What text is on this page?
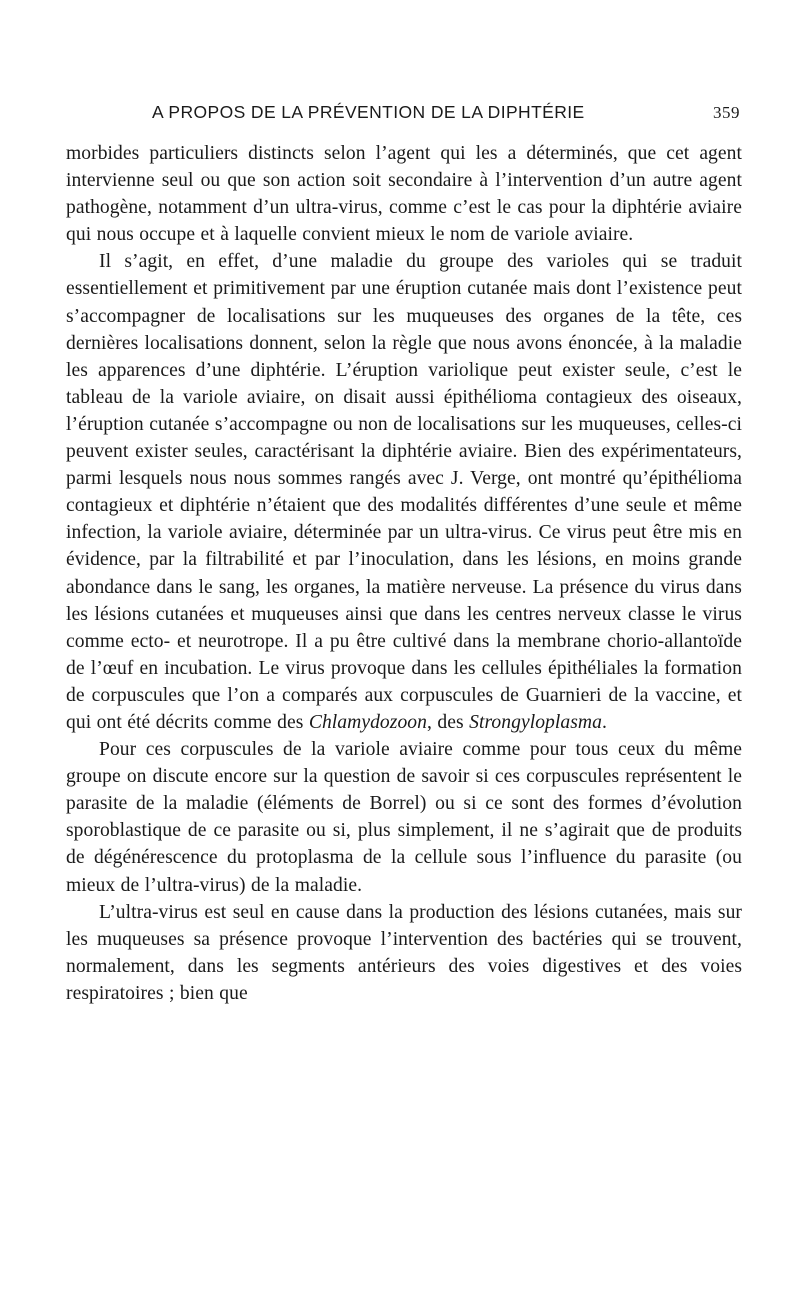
A PROPOS DE LA PRÉVENTION DE LA DIPHTÉRIE	359

morbides particuliers distincts selon l’agent qui les a déterminés, que cet agent intervienne seul ou que son action soit secondaire à l’intervention d’un autre agent pathogène, notamment d’un ultra-virus, comme c’est le cas pour la diphtérie aviaire qui nous occupe et à laquelle convient mieux le nom de variole aviaire.

Il s’agit, en effet, d’une maladie du groupe des varioles qui se traduit essentiellement et primitivement par une éruption cutanée mais dont l’existence peut s’accompagner de localisations sur les muqueuses des organes de la tête, ces dernières localisations donnent, selon la règle que nous avons énoncée, à la maladie les apparences d’une diphtérie. L’éruption variolique peut exister seule, c’est le tableau de la variole aviaire, on disait aussi épithélioma contagieux des oiseaux, l’éruption cutanée s’accompagne ou non de localisations sur les muqueuses, celles-ci peuvent exister seules, caractérisant la diphtérie aviaire. Bien des expérimentateurs, parmi lesquels nous nous sommes rangés avec J. Verge, ont montré qu’épithélioma contagieux et diphtérie n’étaient que des modalités différentes d’une seule et même infection, la variole aviaire, déterminée par un ultra-virus. Ce virus peut être mis en évidence, par la filtrabilité et par l’inoculation, dans les lésions, en moins grande abondance dans le sang, les organes, la matière nerveuse. La présence du virus dans les lésions cutanées et muqueuses ainsi que dans les centres nerveux classe le virus comme ecto- et neurotrope. Il a pu être cultivé dans la membrane chorio-allantoïde de l’œuf en incubation. Le virus provoque dans les cellules épithéliales la formation de corpuscules que l’on a comparés aux corpuscules de Guarnieri de la vaccine, et qui ont été décrits comme des Chlamydozoon, des Strongyloplasma.

Pour ces corpuscules de la variole aviaire comme pour tous ceux du même groupe on discute encore sur la question de savoir si ces corpuscules représentent le parasite de la maladie (éléments de Borrel) ou si ce sont des formes d’évolution sporoblastique de ce parasite ou si, plus simplement, il ne s’agirait que de produits de dégénérescence du protoplasma de la cellule sous l’influence du parasite (ou mieux de l’ultra-virus) de la maladie.

L’ultra-virus est seul en cause dans la production des lésions cutanées, mais sur les muqueuses sa présence provoque l’intervention des bactéries qui se trouvent, normalement, dans les segments antérieurs des voies digestives et des voies respiratoires ; bien que
